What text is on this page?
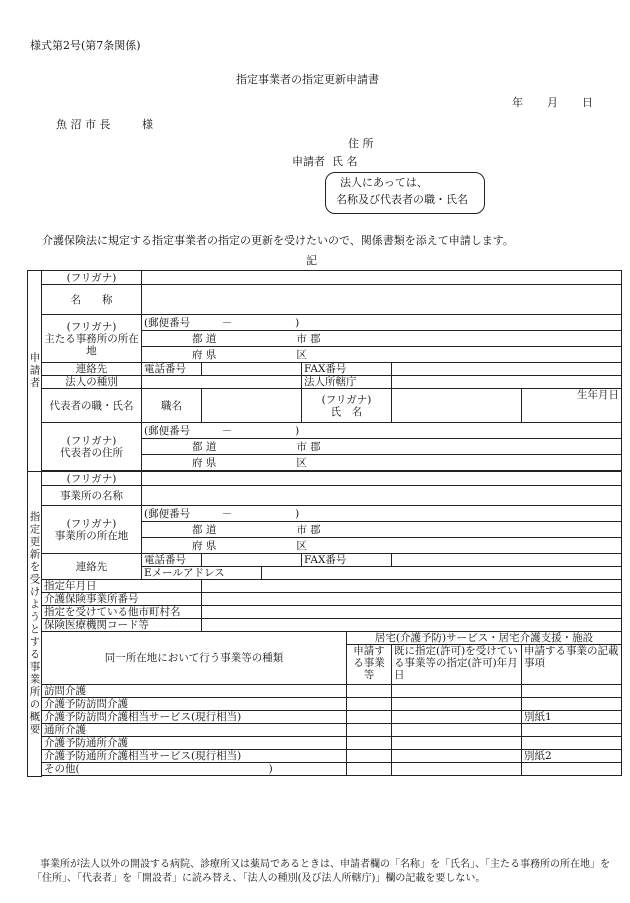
様式第2号(第7条関係)
指定事業者の指定更新申請書
年 月 日
魚 沼 市 長	様
住 所
申請者 氏 名
法人にあっては、
名称及び代表者の職・氏名
介護保険法に規定する指定事業者の指定の更新を受けたいので、関係書類を添えて申請します。
記
申請者	(フリガナ)							
	名　　称							

	(フリガナ)
主たる事務所の所在地	(郵便番号　　　－　　　　　　)						
		都 道 市 郡						
		府 県 区						
	連絡先	電話番号			FAX番号			
	法人の種別				法人所轄庁			
	代表者の職・氏名	職名			(フリガナ)
氏　名			生年月日

	(フリガナ)
代表者の住所	(郵便番号　　　－　　　　　　)						
		都 道 市 郡						
		府 県 区						

指定更新を受けようとする事業所の概要	(フリガナ)							
	事業所の名称							

	(フリガナ)
事業所の所在地	(郵便番号　　　－　　　　　　)						
		都 道 市 郡						
		府 県 区						
	連絡先	電話番号			FAX番号			
		Eメールアドレス						
	指定年月日							
	介護保険事業所番号							
	指定を受けている他市町村名							
	保険医療機関コード等							
	同一所在地において行う事業等の種類					居宅(介護予防)サービス・居宅介護支援・施設		
						申請する事業等	既に指定(許可)を受けている事業等の指定(許可)年月日	申請する事業の記載事項
	訪問介護							
	介護予防訪問介護							
	介護予防訪問介護相当サービス(現行相当)							別紙1
	通所介護							
	介護予防通所介護							
	介護予防通所介護相当サービス(現行相当)							別紙2
	その他(　　　　　　　　　　　　　　　　　　)							

事業所が法人以外の開設する病院、診療所又は薬局であるときは、申請者欄の「名称」を「氏名」、「主たる事務所の所在地」を「住所」、「代表者」を「開設者」に読み替え、「法人の種別(及び法人所轄庁)」欄の記載を要しない。
